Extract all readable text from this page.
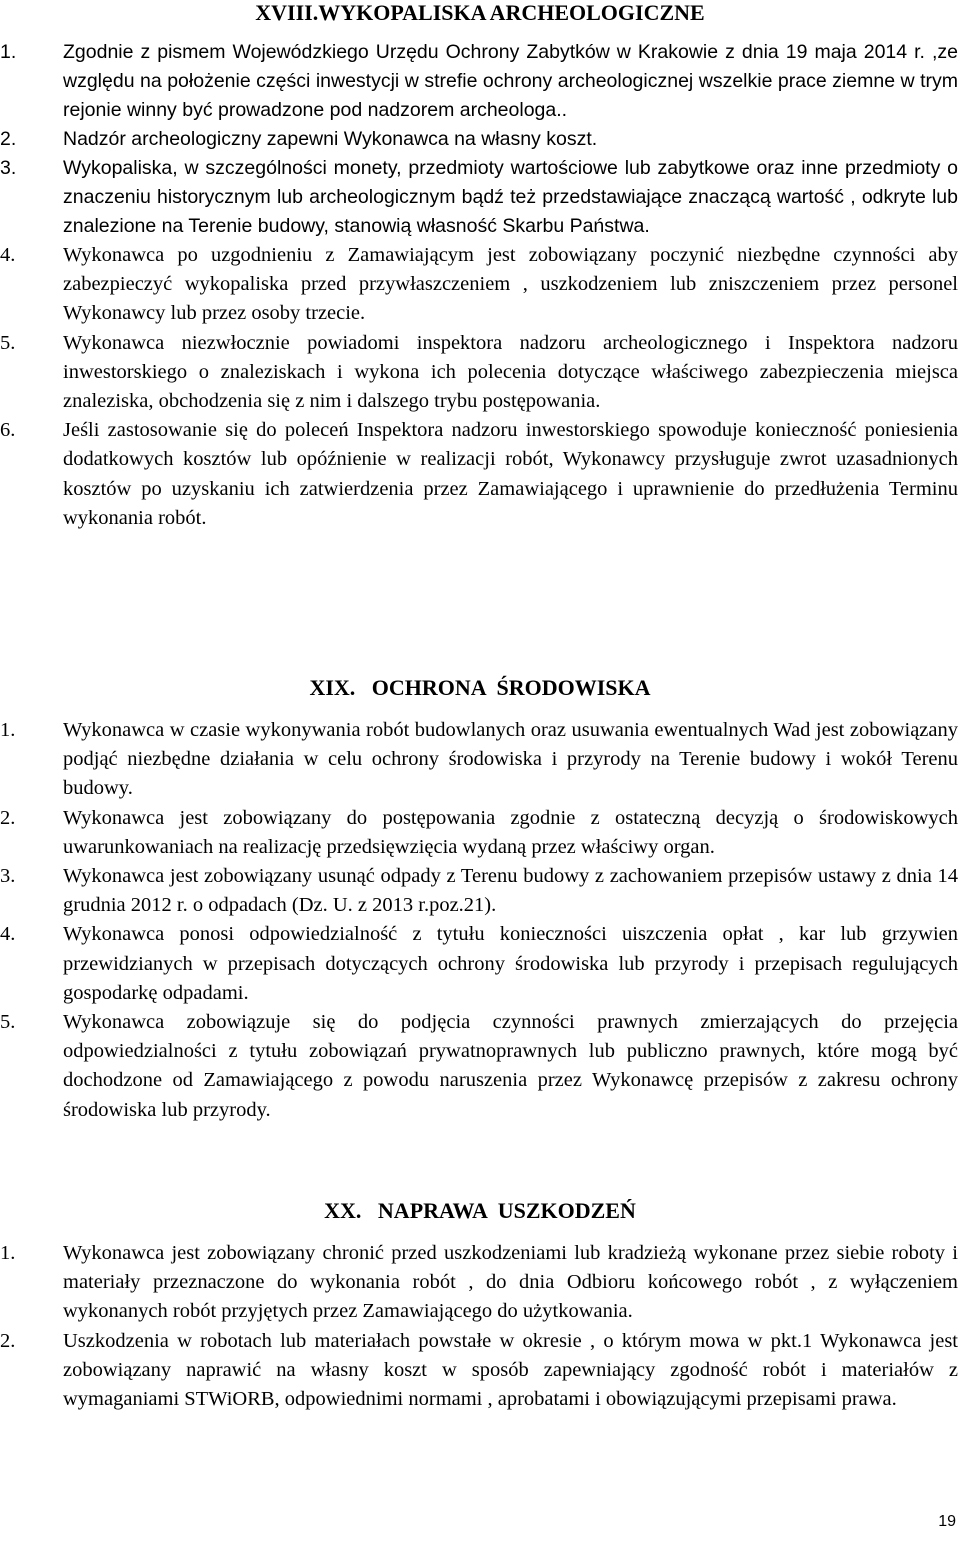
XVIII.WYKOPALISKA ARCHEOLOGICZNE
1. Zgodnie z pismem Wojewódzkiego Urzędu Ochrony Zabytków w Krakowie z dnia 19 maja 2014 r. ,ze względu na położenie części inwestycji w strefie ochrony archeologicznej wszelkie prace ziemne w trym rejonie winny być prowadzone pod nadzorem archeologa..
2. Nadzór archeologiczny zapewni Wykonawca na własny koszt.
3. Wykopaliska, w szczególności monety, przedmioty wartościowe lub zabytkowe oraz inne przedmioty o znaczeniu historycznym lub archeologicznym bądź też przedstawiające znaczącą wartość , odkryte lub znalezione na Terenie budowy, stanowią własność Skarbu Państwa.
4. Wykonawca po uzgodnieniu z Zamawiającym jest zobowiązany poczynić niezbędne czynności aby zabezpieczyć wykopaliska przed przywłaszczeniem , uszkodzeniem lub zniszczeniem przez personel Wykonawcy lub przez osoby trzecie.
5. Wykonawca niezwłocznie powiadomi inspektora nadzoru archeologicznego i Inspektora nadzoru inwestorskiego o znaleziskach i wykona ich polecenia dotyczące właściwego zabezpieczenia miejsca znaleziska, obchodzenia się z nim i dalszego trybu postępowania.
6. Jeśli zastosowanie się do poleceń Inspektora nadzoru inwestorskiego spowoduje konieczność poniesienia dodatkowych kosztów lub opóźnienie w realizacji robót, Wykonawcy przysługuje zwrot uzasadnionych kosztów po uzyskaniu ich zatwierdzenia przez Zamawiającego i uprawnienie do przedłużenia Terminu wykonania robót.
XIX.   OCHRONA  ŚRODOWISKA
1. Wykonawca w czasie wykonywania robót budowlanych oraz usuwania ewentualnych Wad jest zobowiązany podjąć niezbędne działania w celu ochrony środowiska i przyrody na Terenie budowy i wokół Terenu budowy.
2. Wykonawca jest zobowiązany do postępowania zgodnie z ostateczną decyzją o środowiskowych uwarunkowaniach na realizację przedsięwzięcia wydaną przez właściwy organ.
3. Wykonawca jest zobowiązany usunąć odpady z Terenu budowy z zachowaniem przepisów ustawy z dnia 14 grudnia 2012 r. o odpadach (Dz. U. z 2013 r.poz.21).
4. Wykonawca ponosi odpowiedzialność z tytułu konieczności uiszczenia opłat , kar lub grzywien przewidzianych w przepisach dotyczących ochrony środowiska lub przyrody i przepisach regulujących gospodarkę odpadami.
5. Wykonawca zobowiązuje się do podjęcia czynności prawnych zmierzających do przejęcia odpowiedzialności z tytułu zobowiązań prywatnoprawnych lub publiczno prawnych, które mogą być dochodzone od Zamawiającego z powodu naruszenia przez Wykonawcę przepisów z zakresu ochrony środowiska lub przyrody.
XX.   NAPRAWA  USZKODZEŃ
1. Wykonawca jest zobowiązany chronić przed uszkodzeniami lub kradzieżą wykonane przez siebie roboty i materiały przeznaczone do wykonania robót , do dnia Odbioru końcowego robót , z wyłączeniem wykonanych robót przyjętych przez Zamawiającego do użytkowania.
2. Uszkodzenia w robotach lub materiałach powstałe w okresie , o którym mowa w pkt.1 Wykonawca jest zobowiązany naprawić na własny koszt w sposób zapewniający zgodność robót i materiałów z wymaganiami STWiORB, odpowiednimi normami , aprobatami i obowiązującymi przepisami prawa.
19
